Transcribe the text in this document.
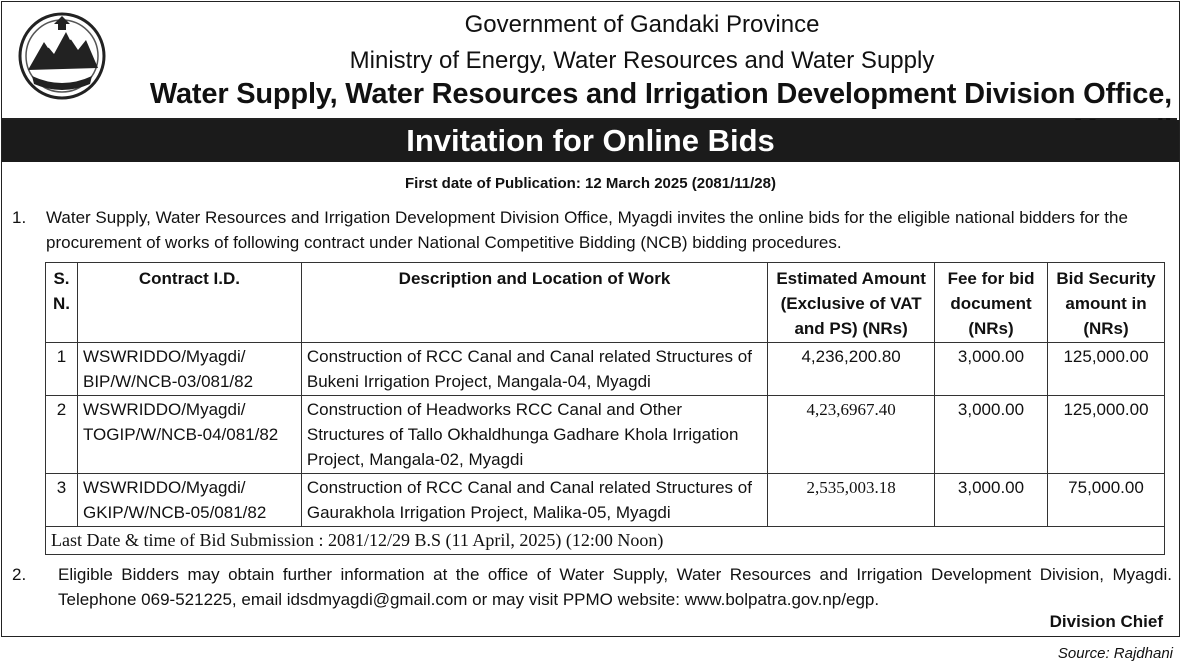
Government of Gandaki Province
Ministry of Energy, Water Resources and Water Supply
Water Supply, Water Resources and Irrigation Development Division Office,
Invitation for Online Bids
First date of Publication: 12 March 2025 (2081/11/28)
1. Water Supply, Water Resources and Irrigation Development Division Office, Myagdi invites the online bids for the eligible national bidders for the procurement of works of following contract under National Competitive Bidding (NCB) bidding procedures.
S. N.	Contract I.D.	Description and Location of Work	Estimated Amount (Exclusive of VAT and PS) (NRs)	Fee for bid document (NRs)	Bid Security amount in (NRs)
1	WSWRIDDO/Myagdi/ BIP/W/NCB-03/081/82	Construction of RCC Canal and Canal related Structures of Bukeni Irrigation Project, Mangala-04, Myagdi	4,236,200.80	3,000.00	125,000.00
2	WSWRIDDO/Myagdi/ TOGIP/W/NCB-04/081/82	Construction of Headworks RCC Canal and Other Structures of Tallo Okhaldhunga Gadhare Khola Irrigation Project, Mangala-02, Myagdi	4,23,6967.40	3,000.00	125,000.00
3	WSWRIDDO/Myagdi/ GKIP/W/NCB-05/081/82	Construction of RCC Canal and Canal related Structures of Gaurakhola Irrigation Project, Malika-05, Myagdi	2,535,003.18	3,000.00	75,000.00
Last Date & time of Bid Submission : 2081/12/29 B.S (11 April, 2025) (12:00 Noon)					
2. Eligible Bidders may obtain further information at the office of Water Supply, Water Resources and Irrigation Development Division, Myagdi. Telephone 069-521225, email idsdmyagdi@gmail.com or may visit PPMO website: www.bolpatra.gov.np/egp.
Division Chief
Source: Rajdhani
